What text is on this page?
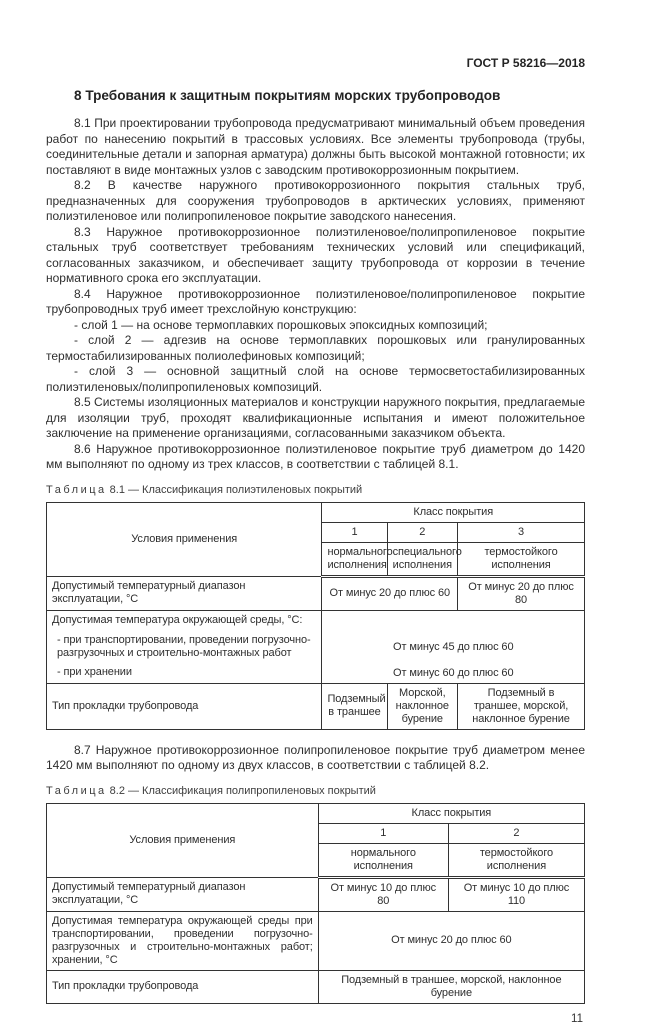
ГОСТ Р 58216—2018
8 Требования к защитным покрытиям морских трубопроводов

8.1 При проектировании трубопровода предусматривают минимальный объем проведения работ по нанесению покрытий в трассовых условиях. Все элементы трубопровода (трубы, соединительные детали и запорная арматура) должны быть высокой монтажной готовности; их поставляют в виде монтажных узлов с заводским противокоррозионным покрытием.

8.2 В качестве наружного противокоррозионного покрытия стальных труб, предназначенных для сооружения трубопроводов в арктических условиях, применяют полиэтиленовое или полипропиленовое покрытие заводского нанесения.

8.3 Наружное противокоррозионное полиэтиленовое/полипропиленовое покрытие стальных труб соответствует требованиям технических условий или спецификаций, согласованных заказчиком, и обеспечивает защиту трубопровода от коррозии в течение нормативного срока его эксплуатации.

8.4 Наружное противокоррозионное полиэтиленовое/полипропиленовое покрытие трубопроводных труб имеет трехслойную конструкцию:

- слой 1 — на основе термоплавких порошковых эпоксидных композиций;

- слой 2 — адгезив на основе термоплавких порошковых или гранулированных термостабилизированных полиолефиновых композиций;

- слой 3 — основной защитный слой на основе термосветостабилизированных полиэтиленовых/полипропиленовых композиций.

8.5 Системы изоляционных материалов и конструкции наружного покрытия, предлагаемые для изоляции труб, проходят квалификационные испытания и имеют положительное заключение на применение организациями, согласованными заказчиком объекта.

8.6 Наружное противокоррозионное полиэтиленовое покрытие труб диаметром до 1420 мм выполняют по одному из трех классов, в соответствии с таблицей 8.1.

Таблица 8.1 — Классификация полиэтиленовых покрытий
Условия применения	Класс покрытия		
	1	2	3

	нормального исполнения	специального исполнения	термостойкого исполнения

Допустимый температурный диапазон эксплуатации, °С	От минус 20 до плюс 60		От минус 20 до плюс 80

Допустимая температура окружающей среды, °С:
- при транспортировании, проведении погрузочно-разгрузочных и строительно-монтажных работ
- при хранении

От минус 45 до плюс 60
От минус 60 до плюс 60

Тип прокладки трубопровода	Подземный в траншее	Морской, наклонное бурение	Подземный в траншее, морской, наклонное бурение

8.7 Наружное противокоррозионное полипропиленовое покрытие труб диаметром менее 1420 мм выполняют по одному из двух классов, в соответствии с таблицей 8.2.

Таблица 8.2 — Классификация полипропиленовых покрытий
Условия применения	Класс покрытия	
	1	2
	нормального исполнения	термостойкого исполнения
Допустимый температурный диапазон эксплуатации, °С	От минус 10 до плюс 80	От минус 10 до плюс 110
Допустимая температура окружающей среды при транспортировании, проведении погрузочно-разгрузочных и строительно-монтажных работ; хранении, °С	От минус 20 до плюс 60	
Тип прокладки трубопровода	Подземный в траншее, морской, наклонное бурение	
11
